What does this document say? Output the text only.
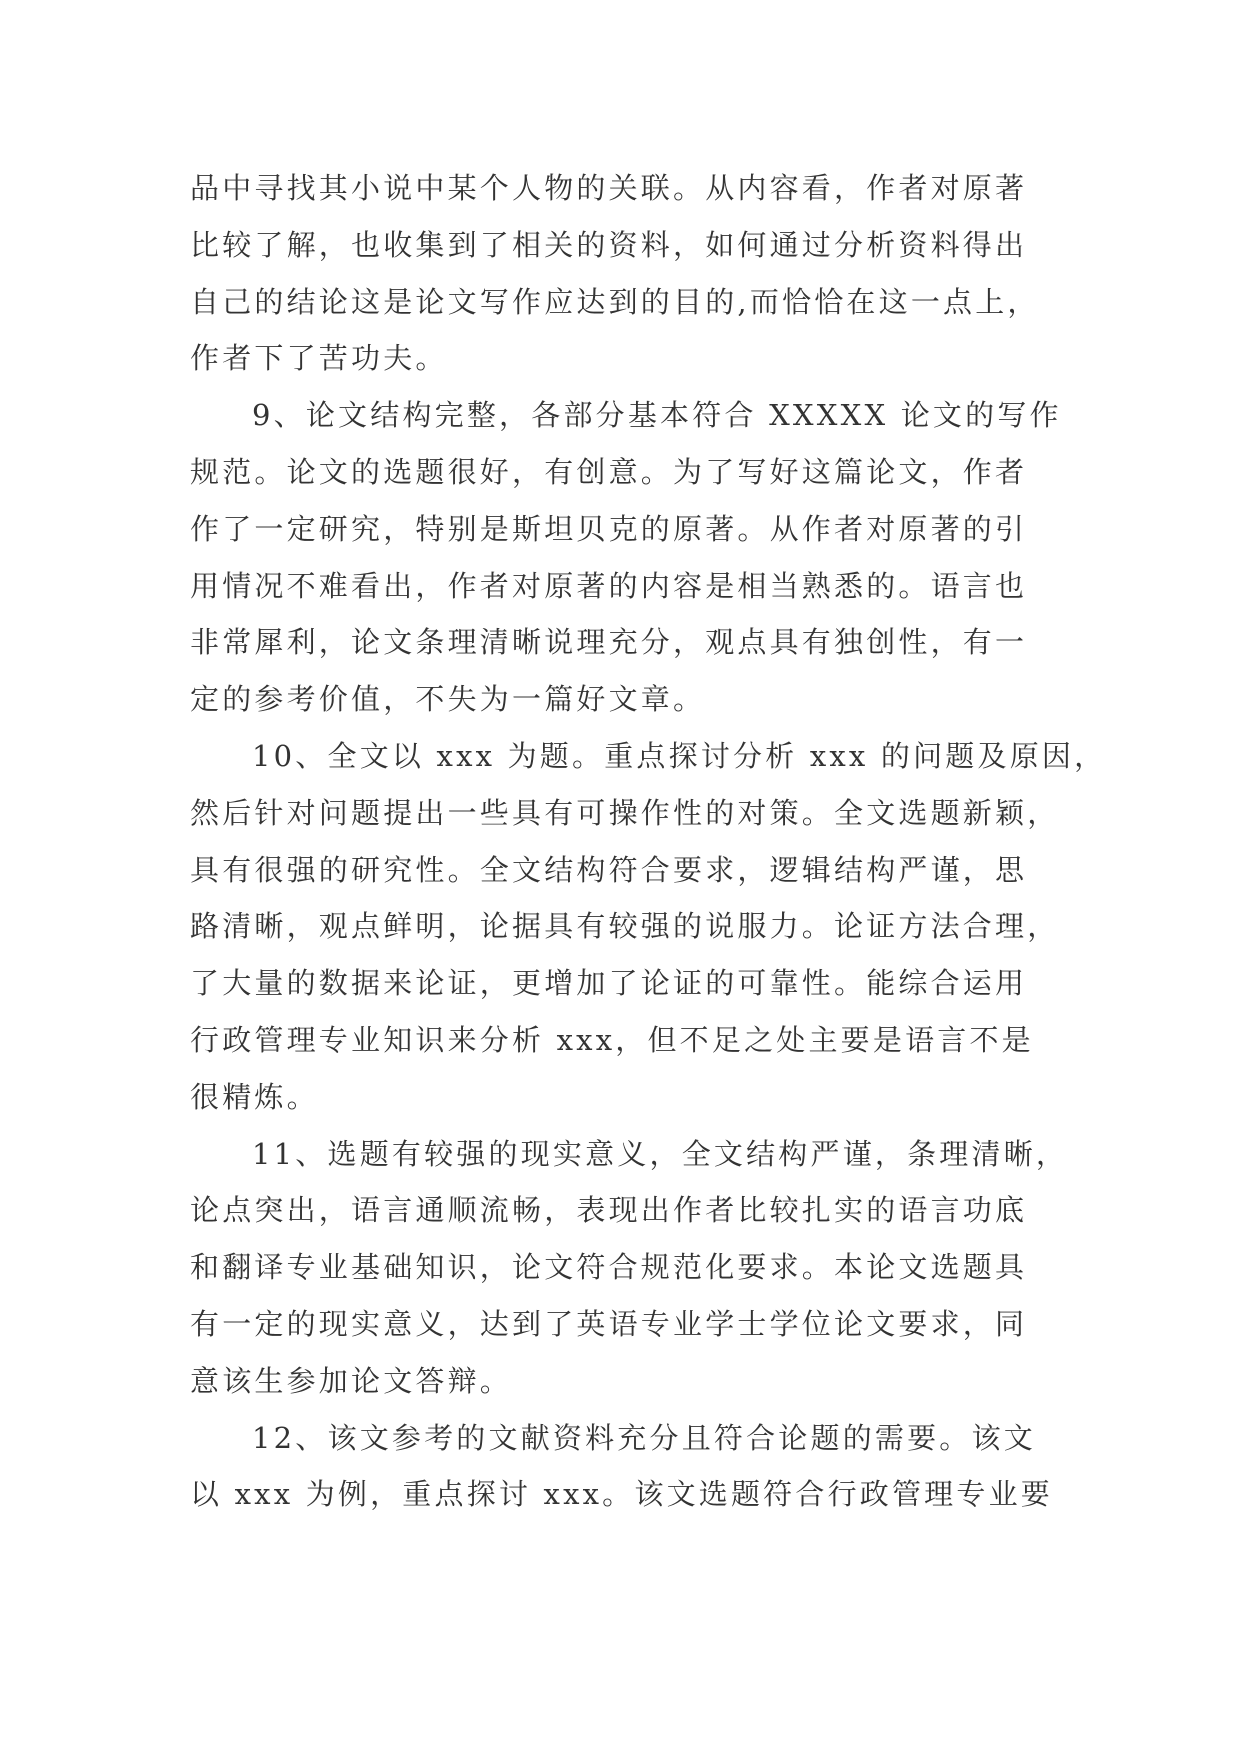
品中寻找其小说中某个人物的关联。从内容看，作者对原著
比较了解，也收集到了相关的资料，如何通过分析资料得出
自己的结论这是论文写作应达到的目的,而恰恰在这一点上，
作者下了苦功夫。
9、论文结构完整，各部分基本符合 XXXXX 论文的写作
规范。论文的选题很好，有创意。为了写好这篇论文，作者
作了一定研究，特别是斯坦贝克的原著。从作者对原著的引
用情况不难看出，作者对原著的内容是相当熟悉的。语言也
非常犀利，论文条理清晰说理充分，观点具有独创性，有一
定的参考价值，不失为一篇好文章。
10、全文以 xxx 为题。重点探讨分析 xxx 的问题及原因，
然后针对问题提出一些具有可操作性的对策。全文选题新颖，
具有很强的研究性。全文结构符合要求，逻辑结构严谨，思
路清晰，观点鲜明，论据具有较强的说服力。论证方法合理，
了大量的数据来论证，更增加了论证的可靠性。能综合运用
行政管理专业知识来分析 xxx，但不足之处主要是语言不是
很精炼。
11、选题有较强的现实意义，全文结构严谨，条理清晰，
论点突出，语言通顺流畅，表现出作者比较扎实的语言功底
和翻译专业基础知识，论文符合规范化要求。本论文选题具
有一定的现实意义，达到了英语专业学士学位论文要求，同
意该生参加论文答辩。
12、该文参考的文献资料充分且符合论题的需要。该文
以 xxx 为例，重点探讨 xxx。该文选题符合行政管理专业要
